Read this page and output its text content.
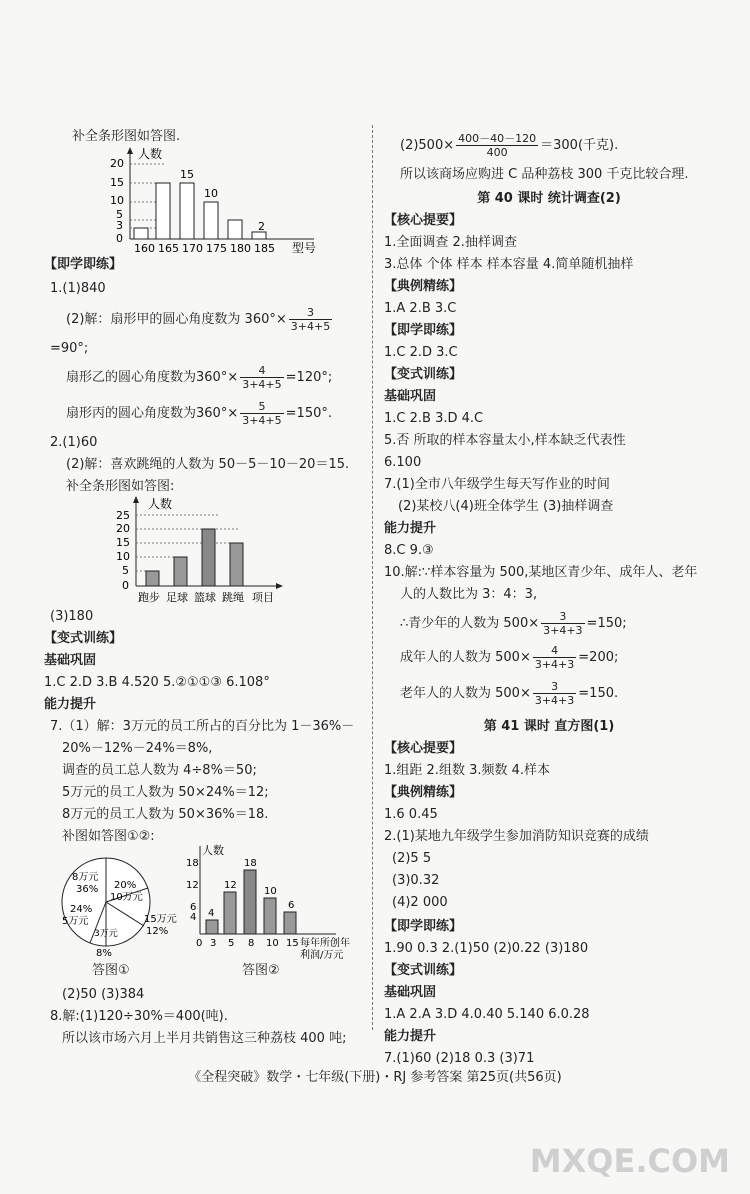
补全条形图如答图.
人数
型号
20
15
10
5
3
0
15
10
2
160 165 170 175 180 185
【即学即练】
1.(1)840
(2)解：扇形甲的圆心角度数为 $360^\circ\times \frac{3}{3+4+5}$
=90°;
扇形乙的圆心角度数为$360^\circ\times \frac{4}{3+4+5} =120^\circ$;
扇形丙的圆心角度数为$360^\circ\times \frac{5}{3+4+5} =150^\circ$.
2.(1)60
(2)解：喜欢跳绳的人数为 50－5－10－20＝15.
补全条形图如答图:
人数
25
20
15
10
5
0
跑步 足球 篮球 跳绳 项目
(3)180
【变式训练】
基础巩固
1.C 2.D 3.B 4.520 5.②①①③ 6.108°
能力提升
7.（1）解：3万元的员工所占的百分比为 1－36%－
20%－12%－24%＝8%,
调查的员工总人数为 4÷8%＝50;
5万元的员工人数为 50×24%＝12;
8万元的员工人数为 50×36%＝18.
补图如答图①②:
8万元
36% 20%
10万元
24%
5万元
3万元
8%
15万元
12%
人数
18
12
6
4 4
12
18
10
6
0 3 5 8 10 15 每年所创年
利润/万元
答图①	答图②
(2)50 (3)384
8.解:(1)120÷30%＝400(吨).
所以该市场六月上半月共销售这三种荔枝 400 吨;
$(2)500\times \frac{400-40-120}{400} =300$(千克).
所以该商场应购进 C 品种荔枝 300 千克比较合理.
第 40 课时 统计调查(2)
【核心提要】
1.全面调查 2.抽样调查
3.总体 个体 样本 样本容量 4.简单随机抽样
【典例精练】
1.A 2.B 3.C
【即学即练】
1.C 2.D 3.C
【变式训练】
基础巩固
1.C 2.B 3.D 4.C
5.否 所取的样本容量太小,样本缺乏代表性
6.100
7.(1)全市八年级学生每天写作业的时间
(2)某校八(4)班全体学生 (3)抽样调查
能力提升
8.C 9.③
10.解:∵样本容量为 500,某地区青少年、成年人、老年
人的人数比为 3：4：3,
∴青少年的人数为 $500\times \frac{3}{3+4+3} =150$;
成年人的人数为 $500\times \frac{4}{3+4+3} =200$;
老年人的人数为 $500\times \frac{3}{3+4+3} =150$.
第 41 课时 直方图(1)
【核心提要】
1.组距 2.组数 3.频数 4.样本
【典例精练】
1.6 0.45
2.(1)某地九年级学生参加消防知识竞赛的成绩
(2)5 5
(3)0.32
(4)2 000
【即学即练】
1.90 0.3 2.(1)50 (2)0.22 (3)180
【变式训练】
基础巩固
1.A 2.A 3.D 4.0.40 5.140 6.0.28
能力提升
7.(1)60 (2)18 0.3 (3)71
《全程突破》数学・七年级(下册)・RJ 参考答案 第25页(共56页)
MXQE.COM
